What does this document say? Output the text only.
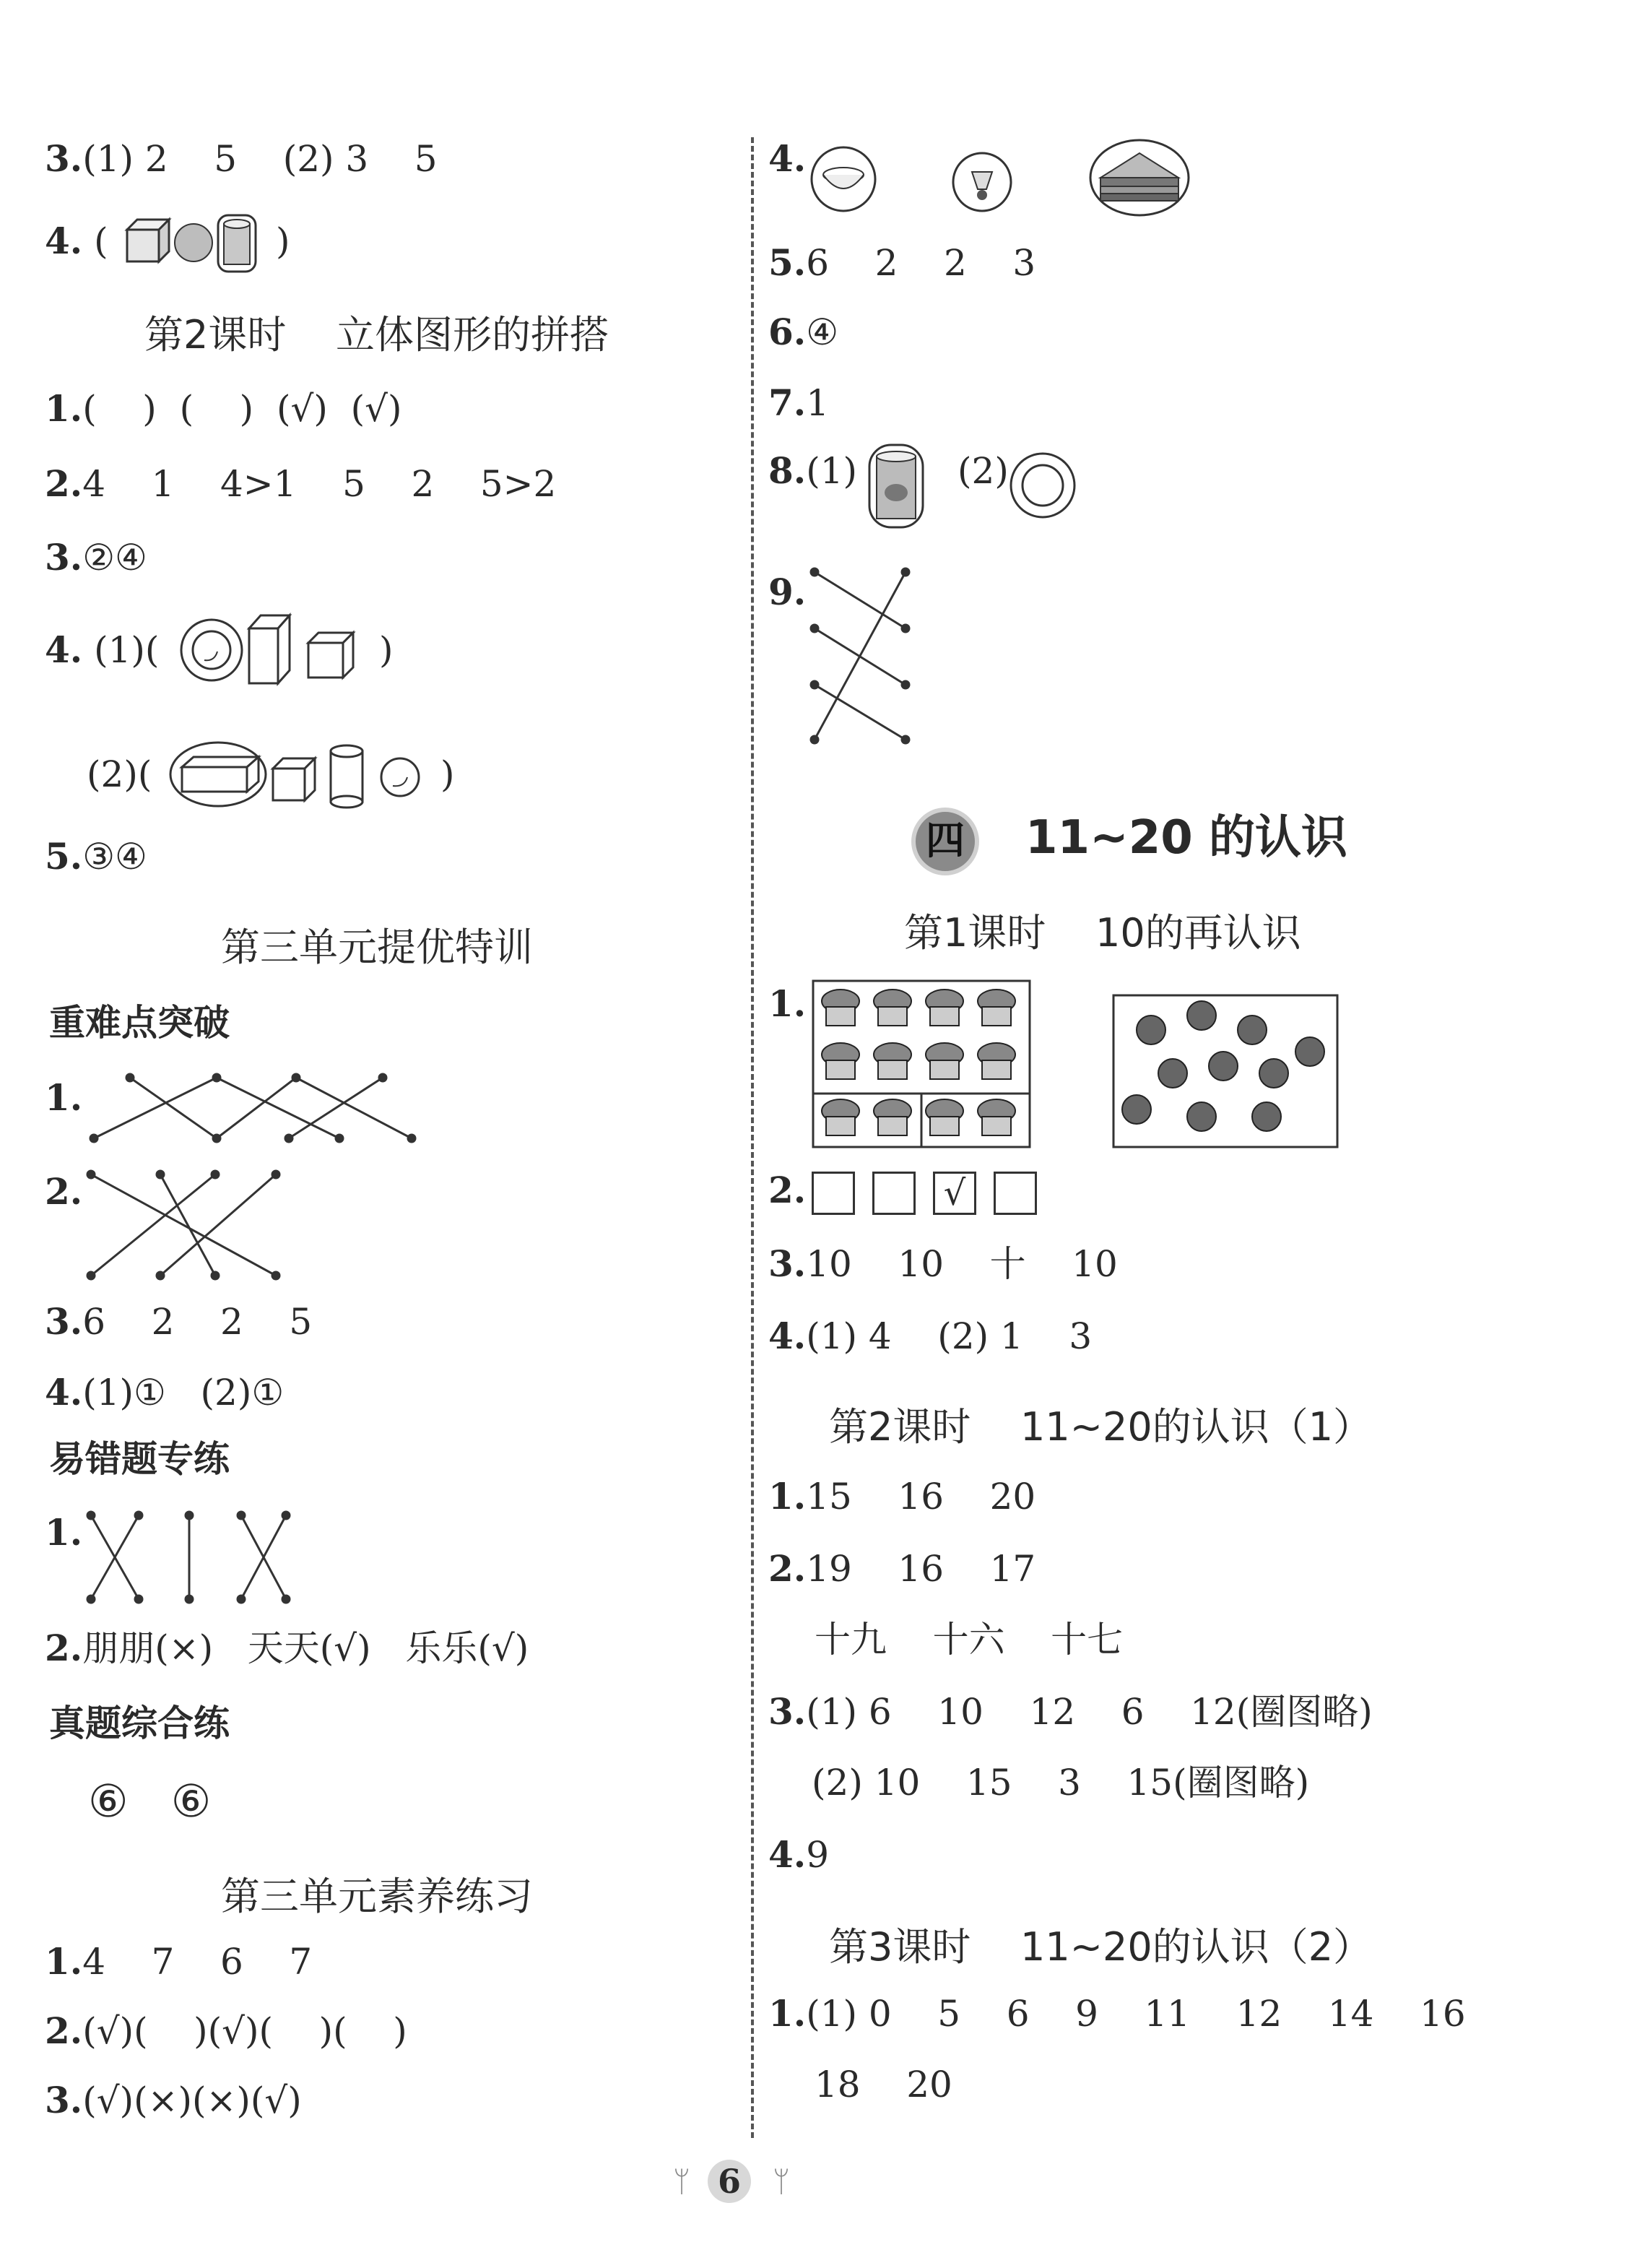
3.(1) 2    5    (2) 3    5
4. (	)
第2课时    立体图形的拼搭
1.(    )  (    )  (√)  (√)
2.4    1    4>1    5    2    5>2
3.②④
4. (1)(	)
(2)(	)
5.③④
第三单元提优特训
重难点突破
1.
2.
3.6    2    2    5
4.(1)①   (2)①
易错题专练
1.
2.朋朋(×)   天天(√)   乐乐(√)
真题综合练
⑥   ⑥
第三单元素养练习
1.4    7    6    7
2.(√)(    )(√)(    )(    )
3.(√)(×)(×)(√)
4.
5.6    2    2    3
6.④
7.1
8.(1)	(2)
9.
四	11~20 的认识
第1课时    10的再认识
1.
2.	√
3.10    10    十    10
4.(1) 4    (2) 1    3
第2课时    11~20的认识（1）
1.15    16    20
2.19    16    17
十九    十六    十七
3.(1) 6    10    12    6    12(圈图略)
(2) 10    15    3    15(圈图略)
4.9
第3课时    11~20的认识（2）
1.(1) 0    5    6    9    11    12    14    16
18    20
ᛘ 6	ᛘ
